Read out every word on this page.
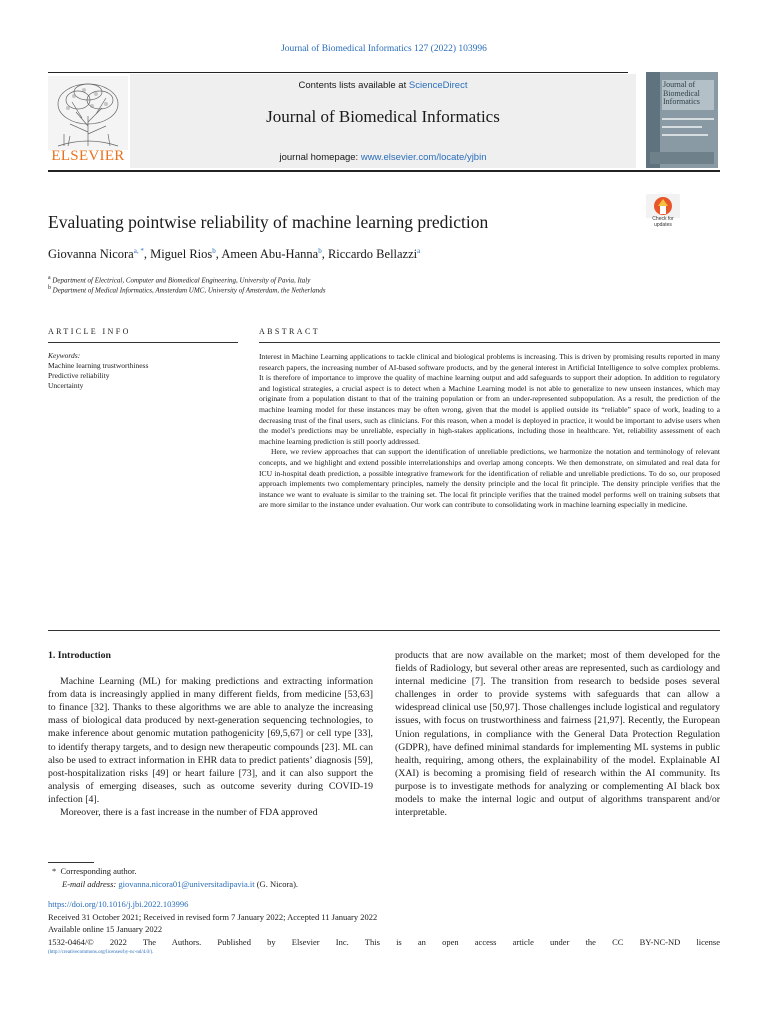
Journal of Biomedical Informatics 127 (2022) 103996
Contents lists available at ScienceDirect
Journal of Biomedical Informatics
journal homepage: www.elsevier.com/locate/yjbin
ELSEVIER
Journal of
Biomedical
Informatics
Check for updates
Evaluating pointwise reliability of machine learning prediction
Giovanna Nicora$^{a, *}$, Miguel Rios$^b$, Ameen Abu-Hanna$^b$, Riccardo Bellazzi$^a$
$^a$ Department of Electrical, Computer and Biomedical Engineering, University of Pavia, Italy
$^b$ Department of Medical Informatics, Amsterdam UMC, University of Amsterdam, the Netherlands
ARTICLE INFO	ABSTRACT
Keywords:
Machine learning trustworthiness
Predictive reliability
Uncertainty

Interest in Machine Learning applications to tackle clinical and biological problems is increasing. This is driven by promising results reported in many research papers, the increasing number of AI-based software products, and by the general interest in Artificial Intelligence to solve complex problems. It is therefore of importance to improve the quality of machine learning output and add safeguards to support their adoption. In addition to regulatory and logistical strategies, a crucial aspect is to detect when a Machine Learning model is not able to generalize to new unseen instances, which may originate from a population distant to that of the training population or from an under-represented subpopulation. As a result, the prediction of the machine learning model for these instances may be often wrong, given that the model is applied outside its “reliable” space of work, leading to a decreasing trust of the final users, such as clinicians. For this reason, when a model is deployed in practice, it would be important to advise users when the model’s predictions may be unreliable, especially in high-stakes applications, including those in healthcare. Yet, reliability assessment of each machine learning prediction is still poorly addressed.

Here, we review approaches that can support the identification of unreliable predictions, we harmonize the notation and terminology of relevant concepts, and we highlight and extend possible interrelationships and overlap among concepts. We then demonstrate, on simulated and real data for ICU in-hospital death prediction, a possible integrative framework for the identification of reliable and unreliable predictions. To do so, our proposed approach implements two complementary principles, namely the density principle and the local fit principle. The density principle verifies that the instance we want to evaluate is similar to the training set. The local fit principle verifies that the trained model performs well on training subsets that are more similar to the instance under evaluation. Our work can contribute to consolidating work in machine learning especially in medicine.

1. Introduction

Machine Learning (ML) for making predictions and extracting information from data is increasingly applied in many different fields, from medicine [53,63] to finance [32]. Thanks to these algorithms we are able to analyze the increasing mass of biological data produced by next-generation sequencing technologies, to make inference about genomic mutation pathogenicity [69,5,67] or cell type [33], to identify therapy targets, and to design new therapeutic compounds [23]. ML can also be used to extract information in EHR data to predict patients’ diagnosis [59], post-hospitalization risks [49] or heart failure [73], and it can also support the analysis of emerging diseases, such as outcome severity during COVID-19 infection [4].

Moreover, there is a fast increase in the number of FDA approved

products that are now available on the market; most of them developed for the fields of Radiology, but several other areas are represented, such as cardiology and internal medicine [7]. The transition from research to bedside poses several challenges in order to provide systems with safeguards that can allow a widespread clinical use [50,97]. Those challenges include logistical and regulatory issues, with focus on trustworthiness and fairness [21,97]. Recently, the European Union regulations, in compliance with the General Data Protection Regulation (GDPR), have defined minimal standards for implementing ML systems in public health, requiring, among others, the explainability of the model. Explainable AI (XAI) is becoming a promising field of research within the AI community. Its purpose is to investigate methods for analyzing or complementing AI black box models to make the internal logic and output of algorithms transparent and/or interpretable.

* Corresponding author.
E-mail address: giovanna.nicora01@universitadipavia.it (G. Nicora).
https://doi.org/10.1016/j.jbi.2022.103996
Received 31 October 2021; Received in revised form 7 January 2022; Accepted 11 January 2022
Available online 15 January 2022
1532-0464/© 2022 The Authors. Published by Elsevier Inc. This is an open access article under the CC BY-NC-ND license
(http://creativecommons.org/licenses/by-nc-nd/4.0/).
